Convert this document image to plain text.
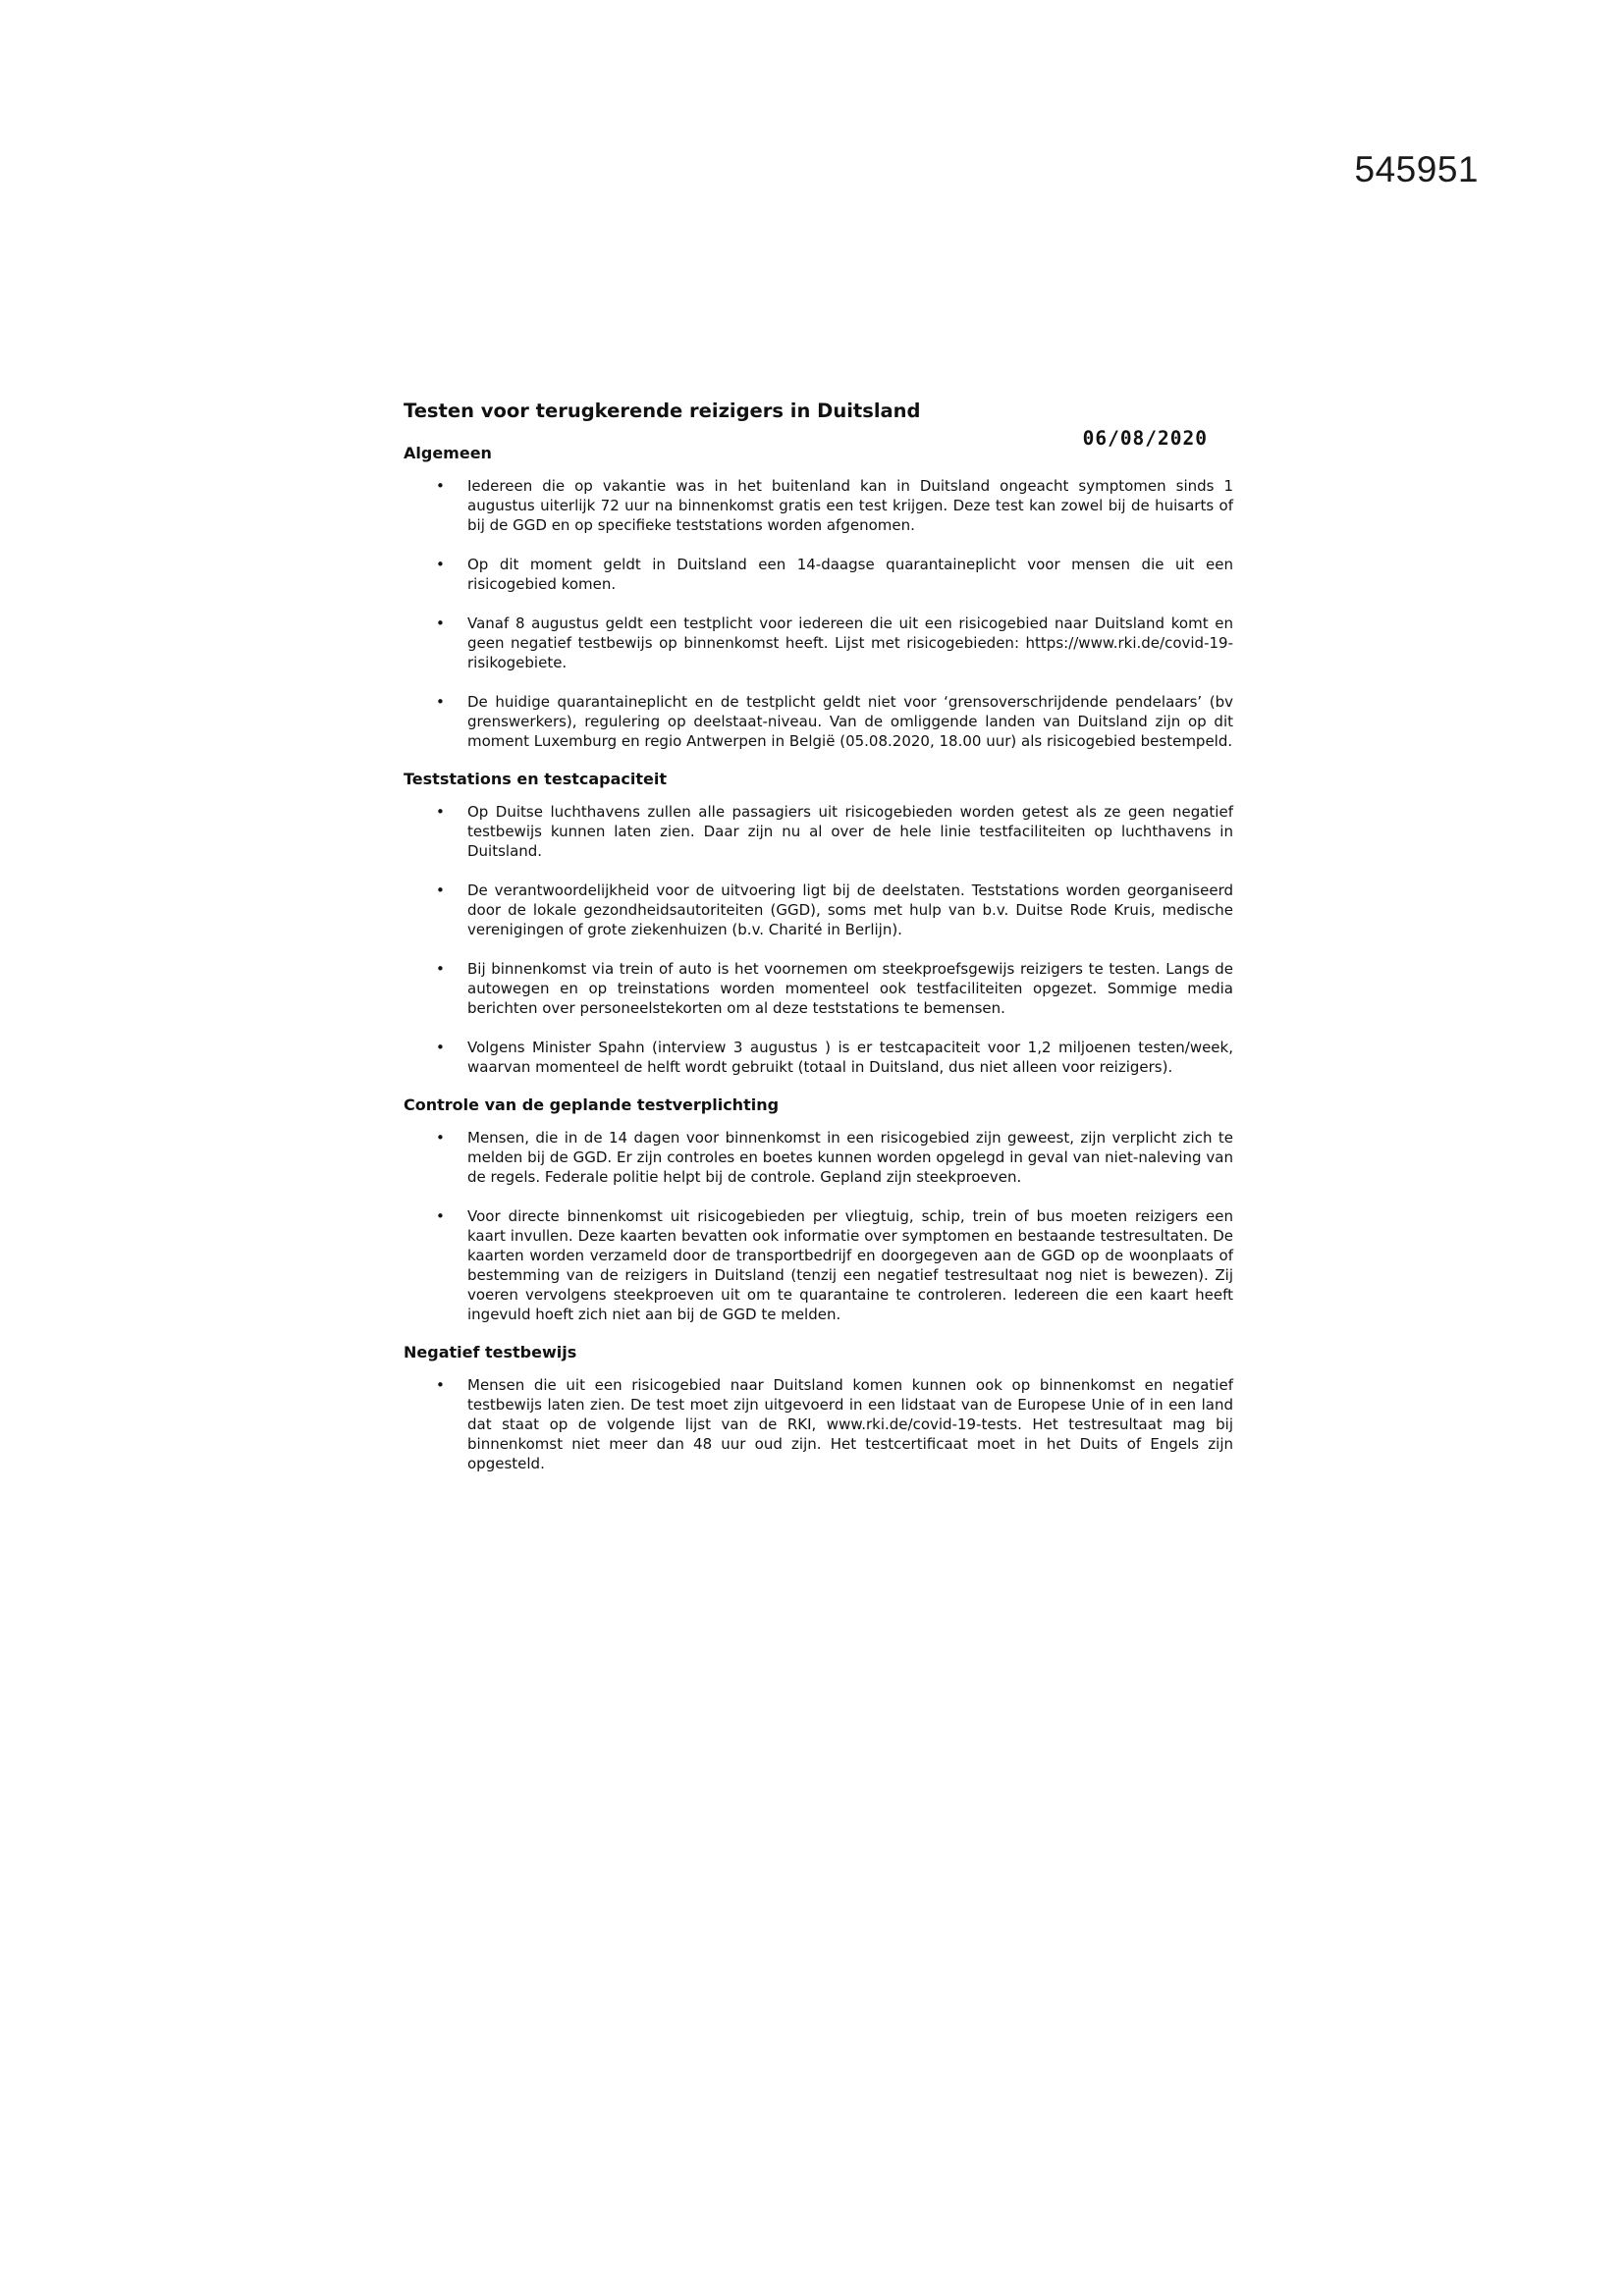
545951
Testen voor terugkerende reizigers in Duitsland
06/08/2020
Algemeen
• Iedereen die op vakantie was in het buitenland kan in Duitsland ongeacht symptomen sinds 1 augustus uiterlijk 72 uur na binnenkomst gratis een test krijgen. Deze test kan zowel bij de huisarts of bij de GGD en op specifieke teststations worden afgenomen.
• Op dit moment geldt in Duitsland een 14-daagse quarantaineplicht voor mensen die uit een risicogebied komen.
• Vanaf 8 augustus geldt een testplicht voor iedereen die uit een risicogebied naar Duitsland komt en geen negatief testbewijs op binnenkomst heeft. Lijst met risicogebieden: https://www.rki.de/covid-19-risikogebiete.
• De huidige quarantaineplicht en de testplicht geldt niet voor ‘grensoverschrijdende pendelaars’ (bv grenswerkers), regulering op deelstaat-niveau. Van de omliggende landen van Duitsland zijn op dit moment Luxemburg en regio Antwerpen in België (05.08.2020, 18.00 uur) als risicogebied bestempeld.
Teststations en testcapaciteit
• Op Duitse luchthavens zullen alle passagiers uit risicogebieden worden getest als ze geen negatief testbewijs kunnen laten zien. Daar zijn nu al over de hele linie testfaciliteiten op luchthavens in Duitsland.
• De verantwoordelijkheid voor de uitvoering ligt bij de deelstaten. Teststations worden georganiseerd door de lokale gezondheidsautoriteiten (GGD), soms met hulp van b.v. Duitse Rode Kruis, medische verenigingen of grote ziekenhuizen (b.v. Charité in Berlijn).
• Bij binnenkomst via trein of auto is het voornemen om steekproefsgewijs reizigers te testen. Langs de autowegen en op treinstations worden momenteel ook testfaciliteiten opgezet. Sommige media berichten over personeelstekorten om al deze teststations te bemensen.
• Volgens Minister Spahn (interview 3 augustus ) is er testcapaciteit voor 1,2 miljoenen testen/week, waarvan momenteel de helft wordt gebruikt (totaal in Duitsland, dus niet alleen voor reizigers).
Controle van de geplande testverplichting
• Mensen, die in de 14 dagen voor binnenkomst in een risicogebied zijn geweest, zijn verplicht zich te melden bij de GGD. Er zijn controles en boetes kunnen worden opgelegd in geval van niet-naleving van de regels. Federale politie helpt bij de controle. Gepland zijn steekproeven.
• Voor directe binnenkomst uit risicogebieden per vliegtuig, schip, trein of bus moeten reizigers een kaart invullen. Deze kaarten bevatten ook informatie over symptomen en bestaande testresultaten. De kaarten worden verzameld door de transportbedrijf en doorgegeven aan de GGD op de woonplaats of bestemming van de reizigers in Duitsland (tenzij een negatief testresultaat nog niet is bewezen). Zij voeren vervolgens steekproeven uit om te quarantaine te controleren. Iedereen die een kaart heeft ingevuld hoeft zich niet aan bij de GGD te melden.
Negatief testbewijs
• Mensen die uit een risicogebied naar Duitsland komen kunnen ook op binnenkomst en negatief testbewijs laten zien. De test moet zijn uitgevoerd in een lidstaat van de Europese Unie of in een land dat staat op de volgende lijst van de RKI, www.rki.de/covid-19-tests. Het testresultaat mag bij binnenkomst niet meer dan 48 uur oud zijn. Het testcertificaat moet in het Duits of Engels zijn opgesteld.
